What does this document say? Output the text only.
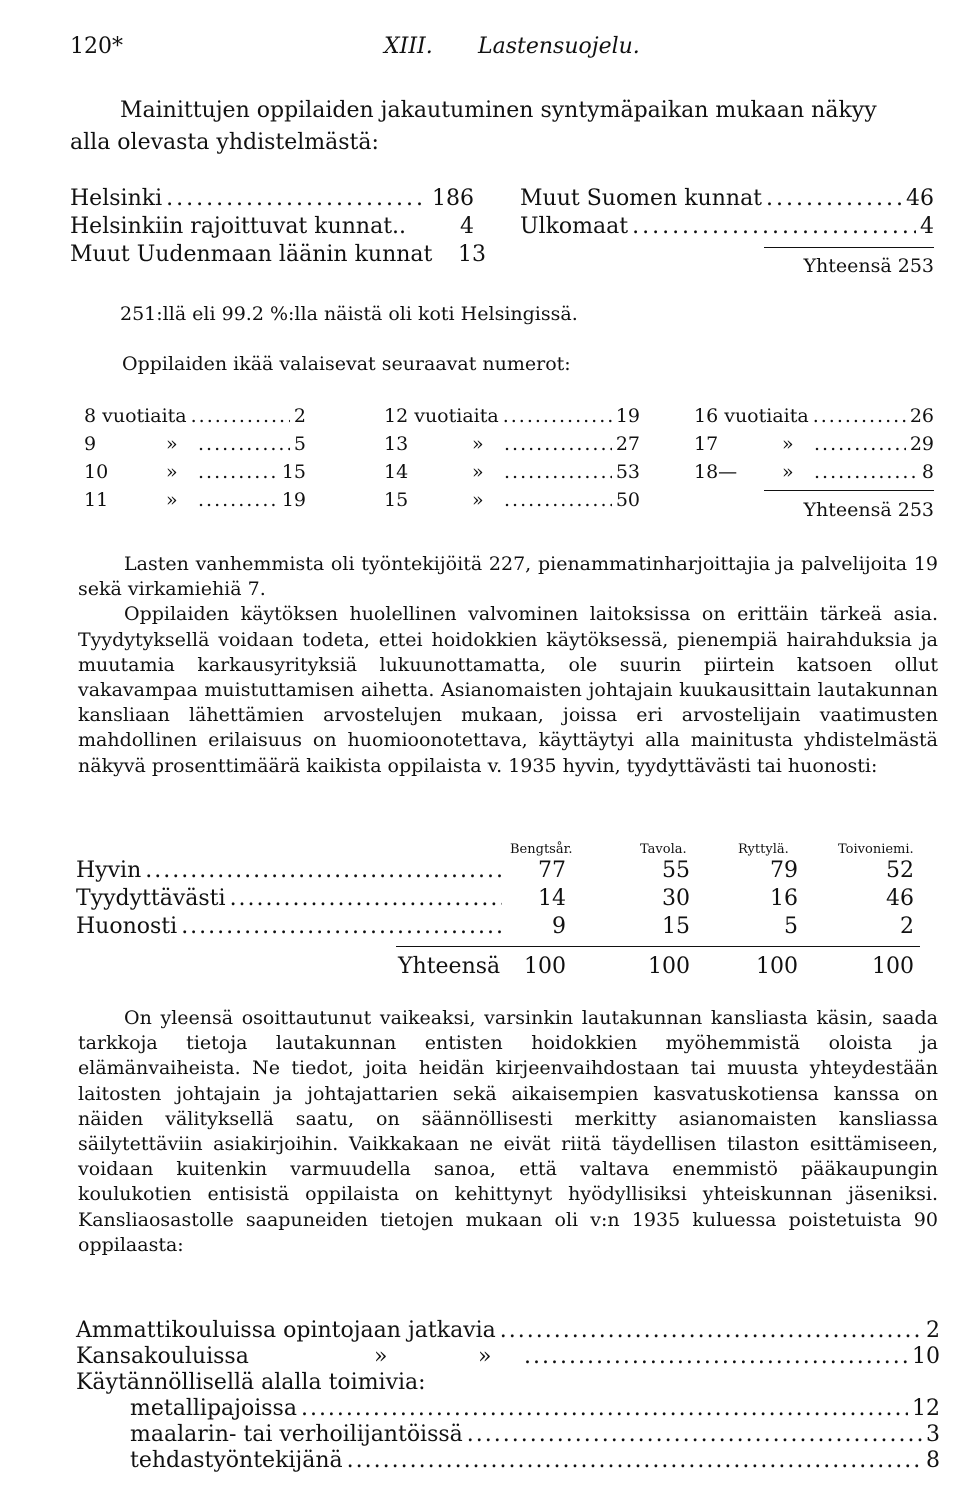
120*	XIII. Lastensuojelu.
Mainittujen oppilaiden jakautuminen syntymäpaikan mukaan näkyy
alla olevasta yhdistelmästä:
Helsinki .....	186
Helsinkiin rajoittuvat kunnat..	4
Muut Uudenmaan läänin kunnat	13
Muut Suomen kunnat .....	46
Ulkomaat .....	4
Yhteensä 253
251:llä eli 99.2 %:lla näistä oli koti Helsingissä.
Oppilaiden ikää valaisevat seuraavat numerot:
8 vuotiaita .....	2
9	» .....	5
10	» .....	15
11	» .....	19
12 vuotiaita .....	19
13	» .....	27
14	» .....	53
15	» .....	50
16 vuotiaita .....	26
17	» .....	29
18— » .....	8
Yhteensä 253

Lasten vanhemmista oli työntekijöitä 227, pienammatinharjoittajia ja palvelijoita 19 sekä virkamiehiä 7.

Oppilaiden käytöksen huolellinen valvominen laitoksissa on erittäin tärkeä asia. Tyydytyksellä voidaan todeta, ettei hoidokkien käytöksessä, pienempiä hairahduksia ja muutamia karkausyrityksiä lukuunottamatta, ole suurin piirtein katsoen ollut vakavampaa muistuttamisen aihetta. Asianomaisten johtajain kuukausittain lautakunnan kansliaan lähettämien arvostelujen mukaan, joissa eri arvostelijain vaatimusten mahdollinen erilaisuus on huomioonotettava, käyttäytyi alla mainitusta yhdistelmästä näkyvä prosenttimäärä kaikista oppilaista v. 1935 hyvin, tyydyttävästi tai huonosti:

Bengtsår.	Tavola.	Ryttylä.	Toivoniemi.
Hyvin .....	77	55	79	52
Tyydyttävästi .....	14	30	16	46
Huonosti .....	9	15	5	2
Yhteensä	100	100	100	100

On yleensä osoittautunut vaikeaksi, varsinkin lautakunnan kansliasta käsin, saada tarkkoja tietoja lautakunnan entisten hoidokkien myöhemmistä oloista ja elämänvaiheista. Ne tiedot, joita heidän kirjeenvaihdostaan tai muusta yhteydestään laitosten johtajain ja johtajattarien sekä aikaisempien kasvatuskotiensa kanssa on näiden välityksellä saatu, on säännöllisesti merkitty asianomaisten kansliassa säilytettäviin asiakirjoihin. Vaikkakaan ne eivät riitä täydellisen tilaston esittämiseen, voidaan kuitenkin varmuudella sanoa, että valtava enemmistö pääkaupungin koulukotien entisistä oppilaista on kehittynyt hyödyllisiksi yhteiskunnan jäseniksi. Kansliaosastolle saapuneiden tietojen mukaan oli v:n 1935 kuluessa poistetuista 90 oppilaasta:

Ammattikouluissa opintojaan jatkavia .....	2
Kansakouluissa	»	» .....	10
Käytännöllisellä alalla toimivia:
metallipajoissa .....	12
maalarin- tai verhoilijantöissä .....	3
tehdastyöntekijänä .....	8
